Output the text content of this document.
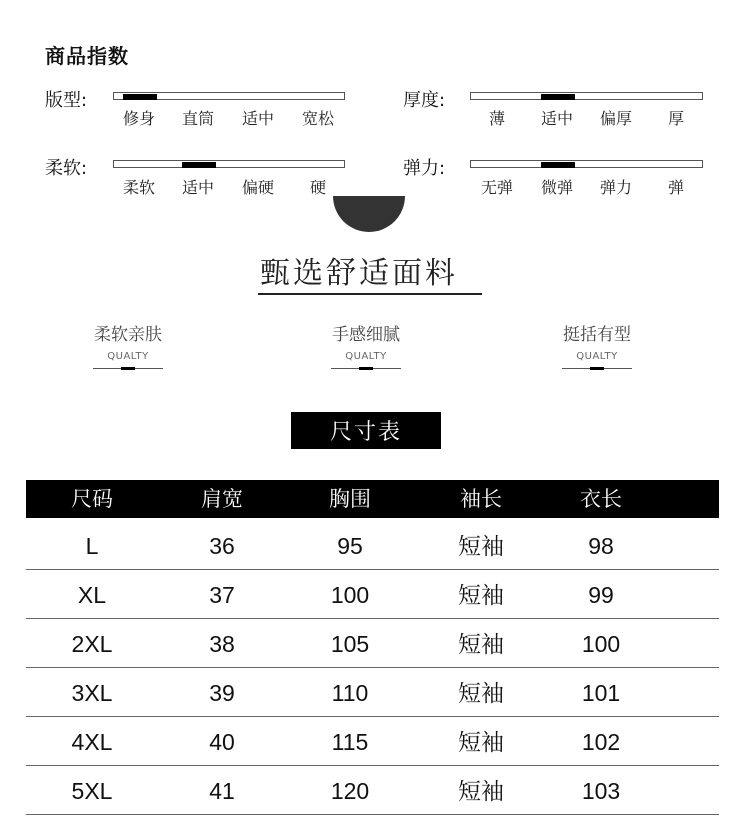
商品指数
版型:
修身 直筒 适中 宽松
厚度:
薄 适中 偏厚 厚
柔软:
柔软 适中 偏硬 硬
弹力:
无弹 微弹 弹力 弹
甄选舒适面料
柔软亲肤
QUALTY
手感细腻
QUALTY
挺括有型
QUALTY
尺寸表
尺码	肩宽	胸围	袖长	衣长
L	36	95	短袖	98
XL	37	100	短袖	99
2XL	38	105	短袖	100
3XL	39	110	短袖	101
4XL	40	115	短袖	102
5XL	41	120	短袖	103
